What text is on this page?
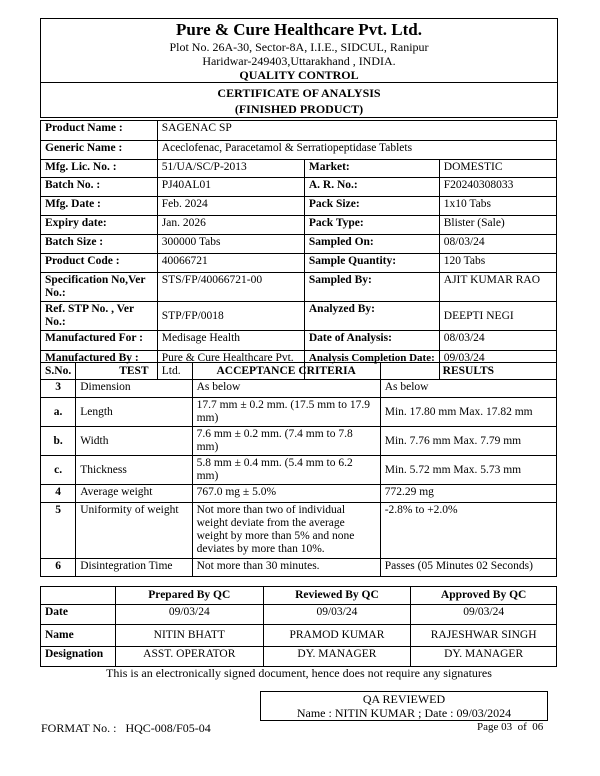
Pure & Cure Healthcare Pvt. Ltd.
Plot No. 26A-30, Sector-8A, I.I.E., SIDCUL, Ranipur
Haridwar-249403,Uttarakhand , INDIA.
QUALITY CONTROL
CERTIFICATE OF ANALYSIS
(FINISHED PRODUCT)
Product Name :	SAGENAC SP		
Generic Name :	Aceclofenac, Paracetamol & Serratiopeptidase Tablets		
Mfg. Lic. No. :	51/UA/SC/P-2013	Market:	DOMESTIC
Batch No. :	PJ40AL01	A. R. No.:	F20240308033
Mfg. Date :	Feb. 2024	Pack Size:	1x10 Tabs
Expiry date:	Jan. 2026	Pack Type:	Blister (Sale)
Batch Size :	300000 Tabs	Sampled On:	08/03/24
Product Code :	40066721	Sample Quantity:	120 Tabs
Specification No,Ver No.:	STS/FP/40066721-00	Sampled By:	AJIT KUMAR RAO
Ref. STP No. , Ver No.:	STP/FP/0018	Analyzed By:	DEEPTI NEGI
Manufactured For :	Medisage Health	Date of Analysis:	08/03/24
Manufactured By :	Pure & Cure Healthcare Pvt. Ltd.	Analysis Completion Date:	09/03/24
S.No.	TEST	ACCEPTANCE CRITERIA	RESULTS
3	Dimension	As below	As below
a.	Length	17.7 mm ± 0.2 mm. (17.5 mm to 17.9 mm)	Min. 17.80 mm Max. 17.82 mm
b.	Width	7.6 mm ± 0.2 mm. (7.4 mm to 7.8 mm)	Min. 7.76 mm Max. 7.79 mm
c.	Thickness	5.8 mm ± 0.4 mm. (5.4 mm to 6.2 mm)	Min. 5.72 mm Max. 5.73 mm
4	Average weight	767.0 mg ± 5.0%	772.29 mg
5	Uniformity of weight	Not more than two of individual weight deviate from the average weight by more than 5% and none deviates by more than 10%.	-2.8% to +2.0%
6	Disintegration Time	Not more than 30 minutes.	Passes (05 Minutes 02 Seconds)
	Prepared By QC	Reviewed By QC	Approved By QC
Date	09/03/24	09/03/24	09/03/24
Name	NITIN BHATT	PRAMOD KUMAR	RAJESHWAR SINGH
Designation	ASST. OPERATOR	DY. MANAGER	DY. MANAGER
This is an electronically signed document, hence does not require any signatures
QA REVIEWED
Name : NITIN KUMAR ; Date : 09/03/2024
FORMAT No. :   HQC-008/F05-04	Page 03  of  06
